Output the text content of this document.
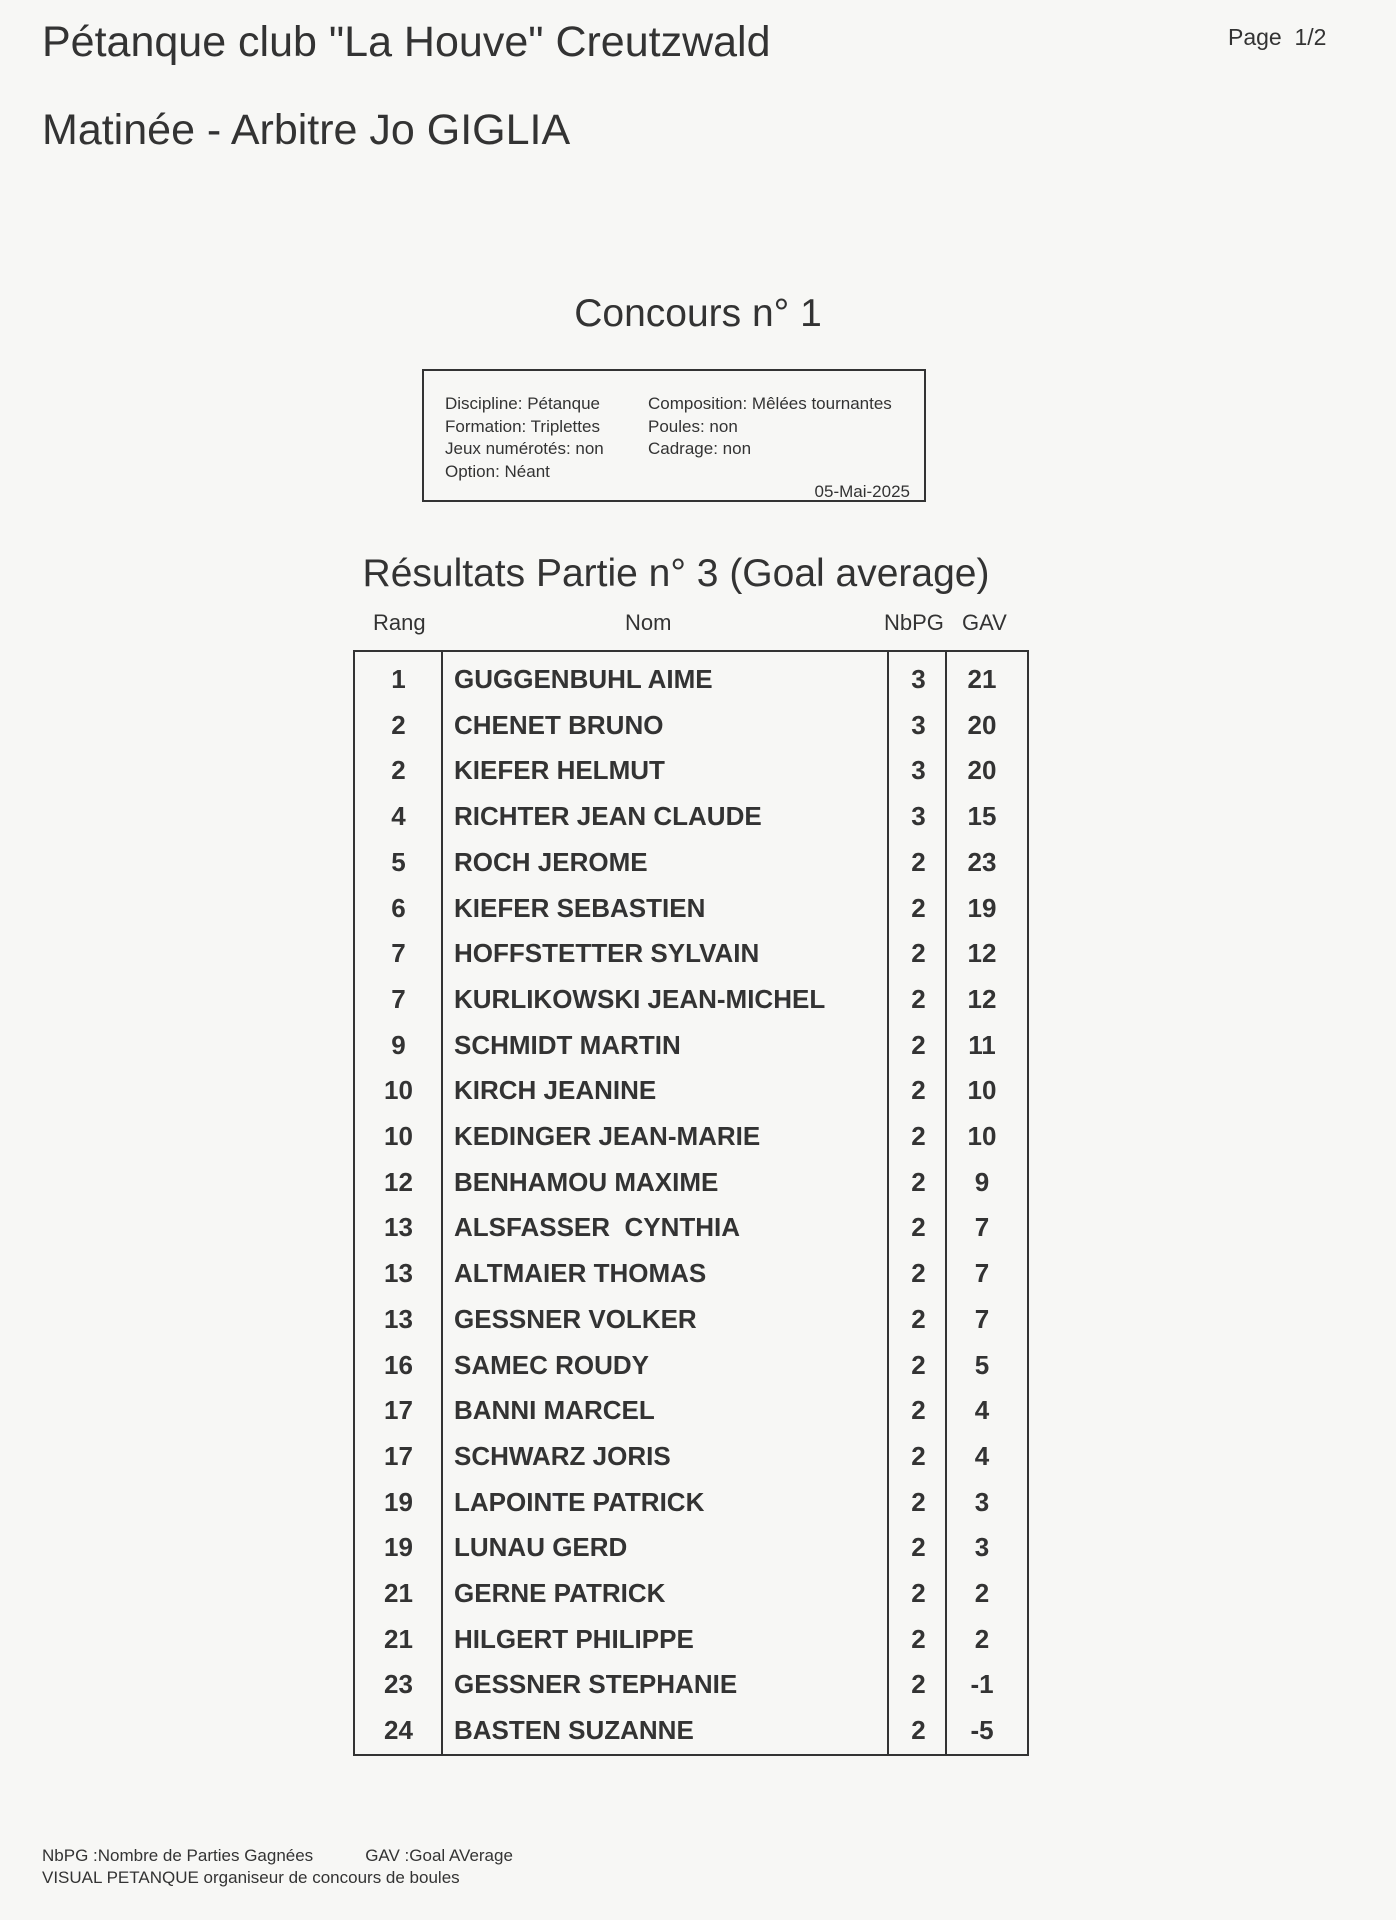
Pétanque club "La Houve" Creutzwald	Page  1/2
Matinée - Arbitre Jo GIGLIA
Concours n° 1
Discipline: Pétanque
Formation: Triplettes
Jeux numérotés: non
Option: Néant
Composition: Mêlées tournantes
Poules: non
Cadrage: non
05-Mai-2025
Résultats Partie n° 3 (Goal average)
Rang	Nom	NbPG GAV
1	GUGGENBUHL AIME	3	21
2	CHENET BRUNO	3	20
2	KIEFER HELMUT	3	20
4	RICHTER JEAN CLAUDE	3	15
5	ROCH JEROME	2	23
6	KIEFER SEBASTIEN	2	19
7	HOFFSTETTER SYLVAIN	2	12
7	KURLIKOWSKI JEAN-MICHEL	2	12
9	SCHMIDT MARTIN	2	11
10	KIRCH JEANINE	2	10
10	KEDINGER JEAN-MARIE	2	10
12	BENHAMOU MAXIME	2	9
13	ALSFASSER  CYNTHIA	2	7
13	ALTMAIER THOMAS	2	7
13	GESSNER VOLKER	2	7
16	SAMEC ROUDY	2	5
17	BANNI MARCEL	2	4
17	SCHWARZ JORIS	2	4
19	LAPOINTE PATRICK	2	3
19	LUNAU GERD	2	3
21	GERNE PATRICK	2	2
21	HILGERT PHILIPPE	2	2
23	GESSNER STEPHANIE	2	-1
24	BASTEN SUZANNE	2	-5
NbPG :Nombre de Parties Gagnées	GAV :Goal AVerage
VISUAL PETANQUE organiseur de concours de boules
